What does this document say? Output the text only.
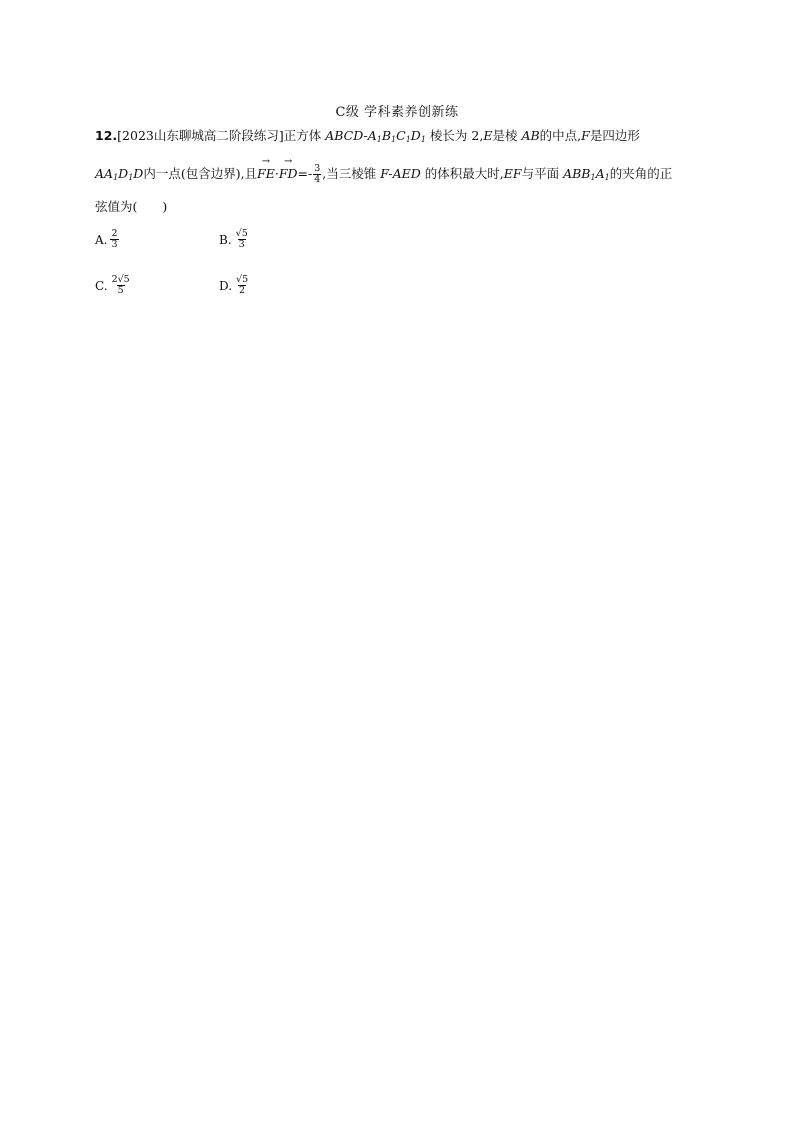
C级 学科素养创新练
12.[2023山东聊城高二阶段练习]正方体 ABCD-$A_1B_1C_1D_1$ 棱长为 2,E是棱 AB的中点,F是四边形
$AA_1D_1D$内一点(包含边界),且→ $FE\cdot\to FD=- \frac{3}{4}$ ,当三棱锥 F-AED 的体积最大时,EF与平面 $ABB_1A_1$的夹角的正
弦值为(　　)
A. $\frac{2}{3}$	B. $\frac{√5}{3}$
C. $\frac{2√5}{5}$	D. $\frac{√5}{2}$
